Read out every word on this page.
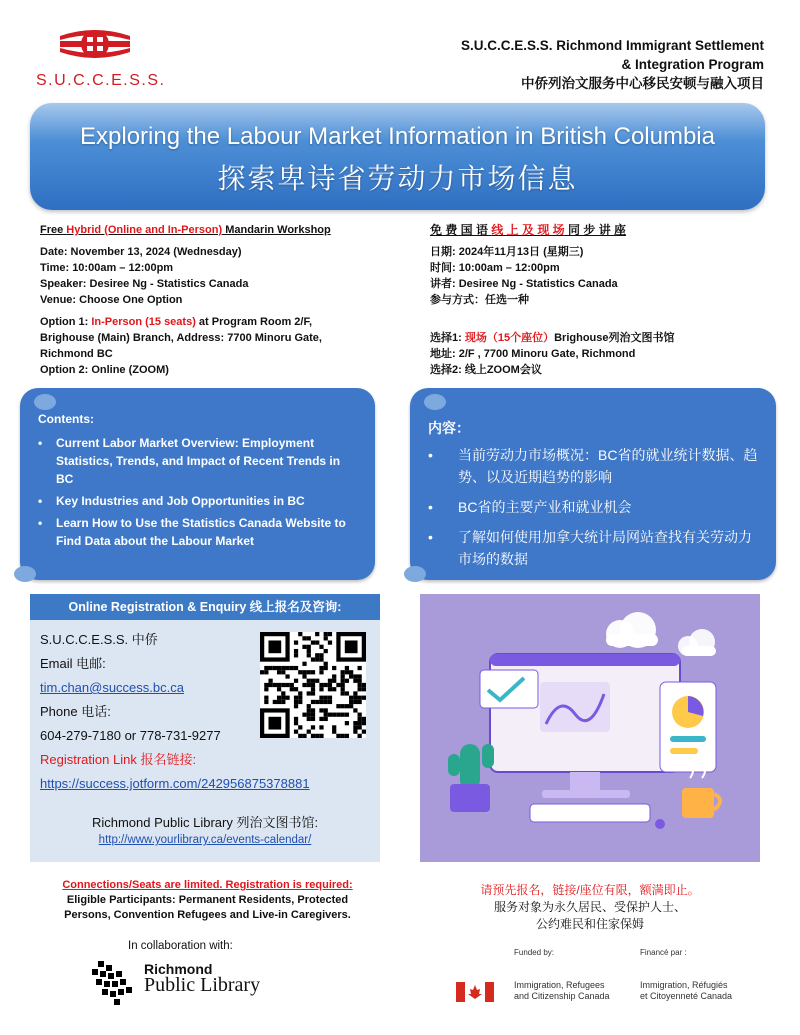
S.U.C.C.E.S.S.
S.U.C.C.E.S.S. Richmond Immigrant Settlement
& Integration Program
中侨列治文服务中心移民安顿与融入项目
Exploring the Labour Market Information in British Columbia
探索卑诗省劳动力市场信息
Free Hybrid (Online and In-Person) Mandarin Workshop
Date: November 13, 2024 (Wednesday)
Time: 10:00am – 12:00pm
Speaker: Desiree Ng - Statistics Canada
Venue: Choose One Option
Option 1: In-Person (15 seats) at Program Room 2/F,
Brighouse (Main) Branch, Address: 7700 Minoru Gate,
Richmond BC
Option 2: Online (ZOOM)
免 费 国 语 线 上 及 现 场 同 步 讲 座
日期: 2024年11月13日 (星期三)
时间: 10:00am – 12:00pm
讲者: Desiree Ng - Statistics Canada
参与方式：任选一种
选择1: 现场（15个座位）Brighouse列治文图书馆
地址: 2/F , 7700 Minoru Gate, Richmond
选择2: 线上ZOOM会议
Contents:
• Current Labor Market Overview: Employment Statistics, Trends, and Impact of Recent Trends in BC
• Key Industries and Job Opportunities in BC
• Learn How to Use the Statistics Canada Website to Find Data about the Labour Market
内容：
• 当前劳动力市场概况：BC省的就业统计数据、趋势、以及近期趋势的影响
• BC省的主要产业和就业机会
• 了解如何使用加拿大统计局网站查找有关劳动力市场的数据
Online Registration & Enquiry 线上报名及咨询:
S.U.C.C.E.S.S. 中侨
Email 电邮:
tim.chan@success.bc.ca
Phone 电话:
604-279-7180 or 778-731-9277
Registration Link 报名链接:
https://success.jotform.com/242956875378881
Richmond Public Library 列治文图书馆:
http://www.yourlibrary.ca/events-calendar/
Connections/Seats are limited. Registration is required:
Eligible Participants: Permanent Residents, Protected
Persons, Convention Refugees and Live-in Caregivers.
In collaboration with:
Richmond
Public Library
请预先报名，链接/座位有限，额满即止。
服务对象为永久居民、受保护人士、
公约难民和住家保姆
Funded by:	Financé par :
Immigration, Refugees
and Citizenship Canada
Immigration, Réfugiés
et Citoyenneté Canada
